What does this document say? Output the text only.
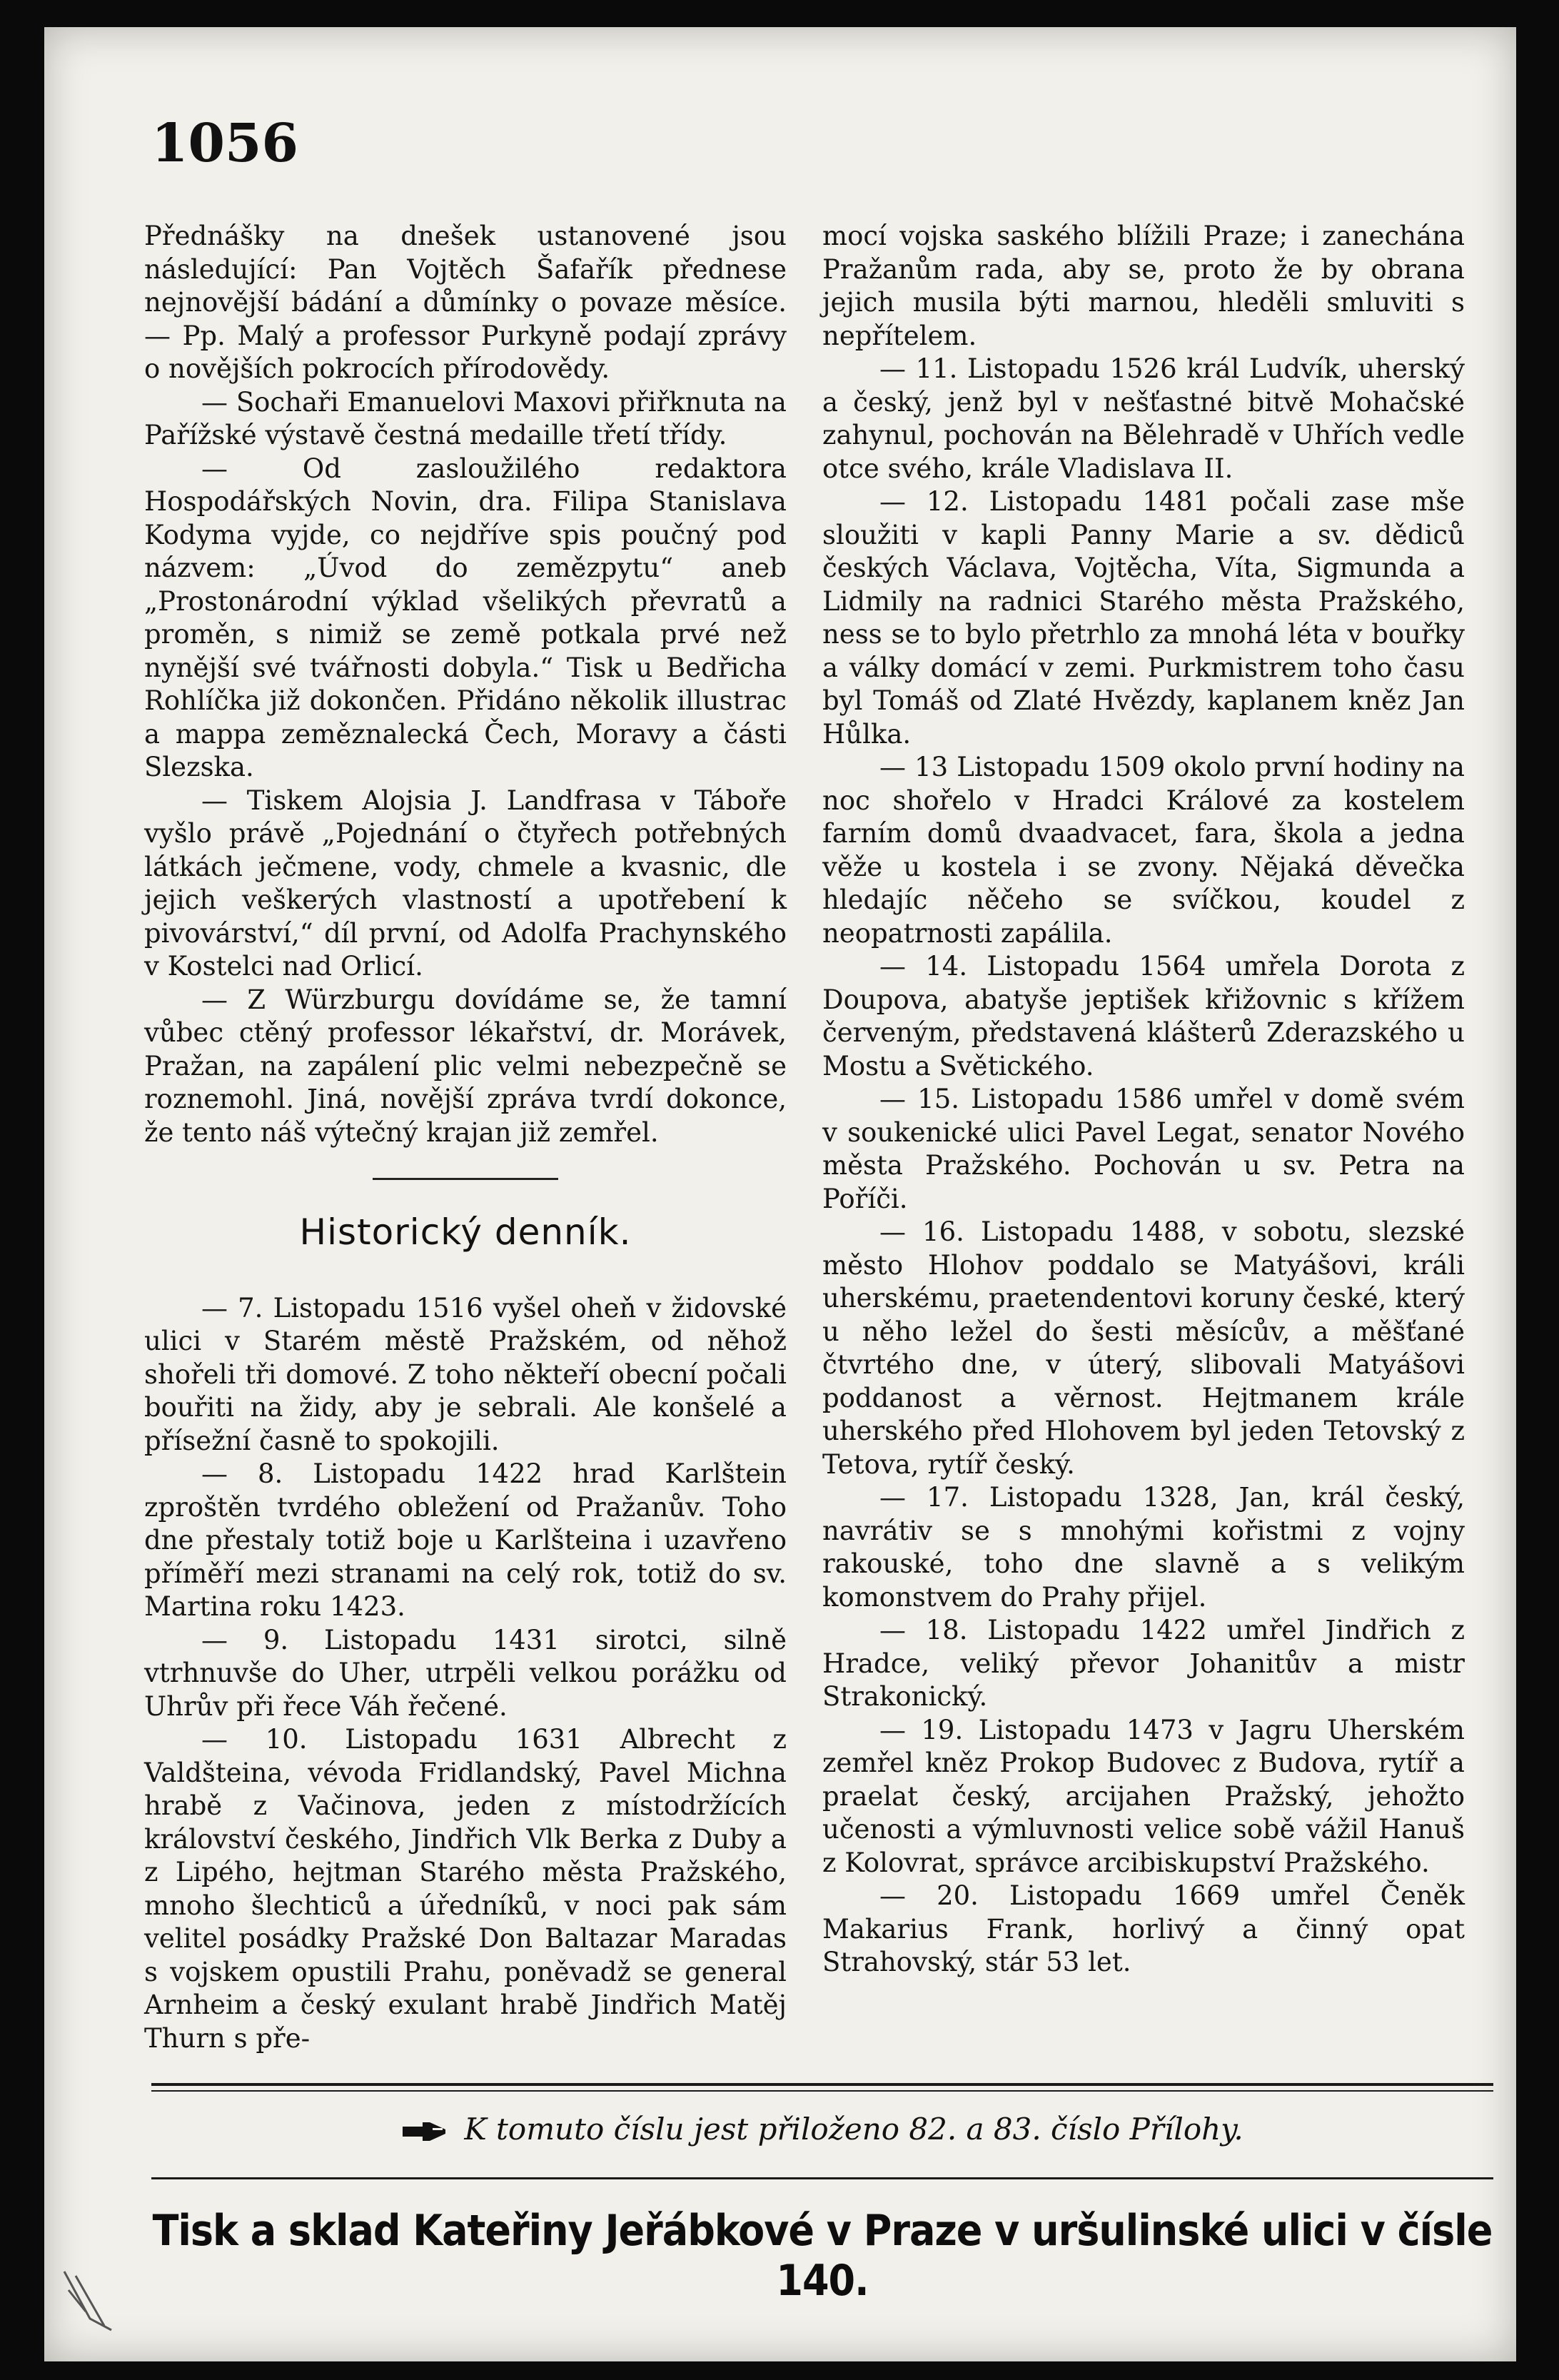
1056

Přednášky na dnešek ustanovené jsou následující: Pan Vojtěch Šafařík přednese nejnovější bádání a důmínky o povaze měsíce. — Pp. Malý a professor Purkyně podají zprávy o novějších pokrocích přírodovědy.

— Sochaři Emanuelovi Maxovi přiřknuta na Pařížské výstavě čestná medaille třetí třídy.

— Od zasloužilého redaktora Hospodářských Novin, dra. Filipa Stanislava Kodyma vyjde, co nejdříve spis poučný pod názvem: „Úvod do zemězpytu“ aneb „Prostonárodní výklad všelikých převratů a proměn, s nimiž se země potkala prvé než nynější své tvářnosti dobyla.“ Tisk u Bedřicha Rohlíčka již dokončen. Přidáno několik illustrac a mappa zeměznalecká Čech, Moravy a části Slezska.

— Tiskem Alojsia J. Landfrasa v Táboře vyšlo právě „Pojednání o čtyřech potřebných látkách ječmene, vody, chmele a kvasnic, dle jejich veškerých vlastností a upotřebení k pivovárství,“ díl první, od Adolfa Prachynského v Kostelci nad Orlicí.

— Z Würzburgu dovídáme se, že tamní vůbec ctěný professor lékařství, dr. Morávek, Pražan, na zapálení plic velmi nebezpečně se roznemohl. Jiná, novější zpráva tvrdí dokonce, že tento náš výtečný krajan již zemřel.

Historický denník.

— 7. Listopadu 1516 vyšel oheň v židovské ulici v Starém městě Pražském, od něhož shořeli tři domové. Z toho někteří obecní počali bouřiti na židy, aby je sebrali. Ale konšelé a přísežní časně to spokojili.

— 8. Listopadu 1422 hrad Karlštein zproštěn tvrdého obležení od Pražanův. Toho dne přestaly totiž boje u Karlšteina i uzavřeno příměří mezi stranami na celý rok, totiž do sv. Martina roku 1423.

— 9. Listopadu 1431 sirotci, silně vtrhnuvše do Uher, utrpěli velkou porážku od Uhrův při řece Váh řečené.

— 10. Listopadu 1631 Albrecht z Valdšteina, vévoda Fridlandský, Pavel Michna hrabě z Vačinova, jeden z místodržících království českého, Jindřich Vlk Berka z Duby a z Lipého, hejtman Starého města Pražského, mnoho šlechticů a úředníků, v noci pak sám velitel posádky Pražské Don Baltazar Maradas s vojskem opustili Prahu, poněvadž se general Arnheim a český exulant hrabě Jindřich Matěj Thurn s pře-

mocí vojska saského blížili Praze; i zanechána Pražanům rada, aby se, proto že by obrana jejich musila býti marnou, hleděli smluviti s nepřítelem.

— 11. Listopadu 1526 král Ludvík, uherský a český, jenž byl v nešťastné bitvě Mohačské zahynul, pochován na Bělehradě v Uhřích vedle otce svého, krále Vladislava II.

— 12. Listopadu 1481 počali zase mše sloužiti v kapli Panny Marie a sv. dědiců českých Václava, Vojtěcha, Víta, Sigmunda a Lidmily na radnici Starého města Pražského, ness se to bylo přetrhlo za mnohá léta v bouřky a války domácí v zemi. Purkmistrem toho času byl Tomáš od Zlaté Hvězdy, kaplanem kněz Jan Hůlka.

— 13 Listopadu 1509 okolo první hodiny na noc shořelo v Hradci Králové za kostelem farním domů dvaadvacet, fara, škola a jedna věže u kostela i se zvony. Nějaká děvečka hledajíc něčeho se svíčkou, koudel z neopatrnosti zapálila.

— 14. Listopadu 1564 umřela Dorota z Doupova, abatyše jeptišek křižovnic s křížem červeným, představená klášterů Zderazského u Mostu a Světického.

— 15. Listopadu 1586 umřel v domě svém v soukenické ulici Pavel Legat, senator Nového města Pražského. Pochován u sv. Petra na Poříči.

— 16. Listopadu 1488, v sobotu, slezské město Hlohov poddalo se Matyášovi, králi uherskému, praetendentovi koruny české, který u něho ležel do šesti měsícův, a měšťané čtvrtého dne, v úterý, slibovali Matyášovi poddanost a věrnost. Hejtmanem krále uherského před Hlohovem byl jeden Tetovský z Tetova, rytíř český.

— 17. Listopadu 1328, Jan, král český, navrátiv se s mnohými kořistmi z vojny rakouské, toho dne slavně a s velikým komonstvem do Prahy přijel.

— 18. Listopadu 1422 umřel Jindřich z Hradce, veliký převor Johanitův a mistr Strakonický.

— 19. Listopadu 1473 v Jagru Uherském zemřel kněz Prokop Budovec z Budova, rytíř a praelat český, arcijahen Pražský, jehožto učenosti a výmluvnosti velice sobě vážil Hanuš z Kolovrat, správce arcibiskupství Pražského.

— 20. Listopadu 1669 umřel Čeněk Makarius Frank, horlivý a činný opat Strahovský, stár 53 let.

K tomuto číslu jest přiloženo 82. a 83. číslo Přílohy.
Tisk a sklad Kateřiny Jeřábkové v Praze v uršulinské ulici v čísle 140.
